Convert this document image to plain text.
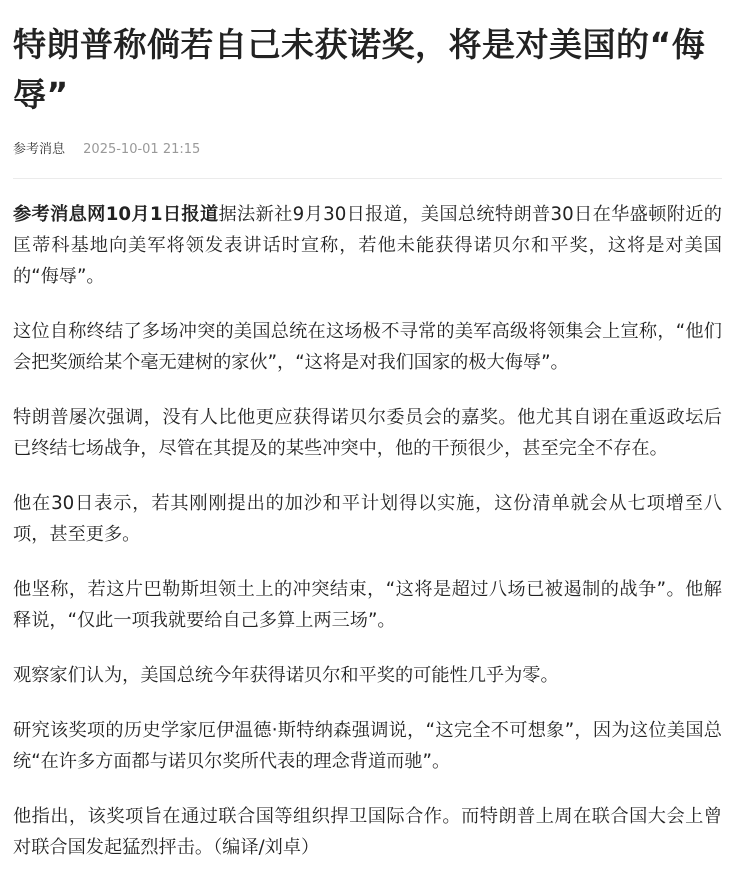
特朗普称倘若自己未获诺奖，将是对美国的“侮辱”
参考消息 2025-10-01 21:15

参考消息网10月1日报道据法新社9月30日报道，美国总统特朗普30日在华盛顿附近的匡蒂科基地向美军将领发表讲话时宣称，若他未能获得诺贝尔和平奖，这将是对美国的“侮辱”。

这位自称终结了多场冲突的美国总统在这场极不寻常的美军高级将领集会上宣称，“他们会把奖颁给某个毫无建树的家伙”，“这将是对我们国家的极大侮辱”。

特朗普屡次强调，没有人比他更应获得诺贝尔委员会的嘉奖。他尤其自诩在重返政坛后已终结七场战争，尽管在其提及的某些冲突中，他的干预很少，甚至完全不存在。

他在30日表示，若其刚刚提出的加沙和平计划得以实施，这份清单就会从七项增至八项，甚至更多。

他坚称，若这片巴勒斯坦领土上的冲突结束，“这将是超过八场已被遏制的战争”。他解释说，“仅此一项我就要给自己多算上两三场”。

观察家们认为，美国总统今年获得诺贝尔和平奖的可能性几乎为零。

研究该奖项的历史学家厄伊温德·斯特纳森强调说，“这完全不可想象”，因为这位美国总统“在许多方面都与诺贝尔奖所代表的理念背道而驰”。

他指出，该奖项旨在通过联合国等组织捍卫国际合作。而特朗普上周在联合国大会上曾对联合国发起猛烈抨击。（编译/刘卓）
